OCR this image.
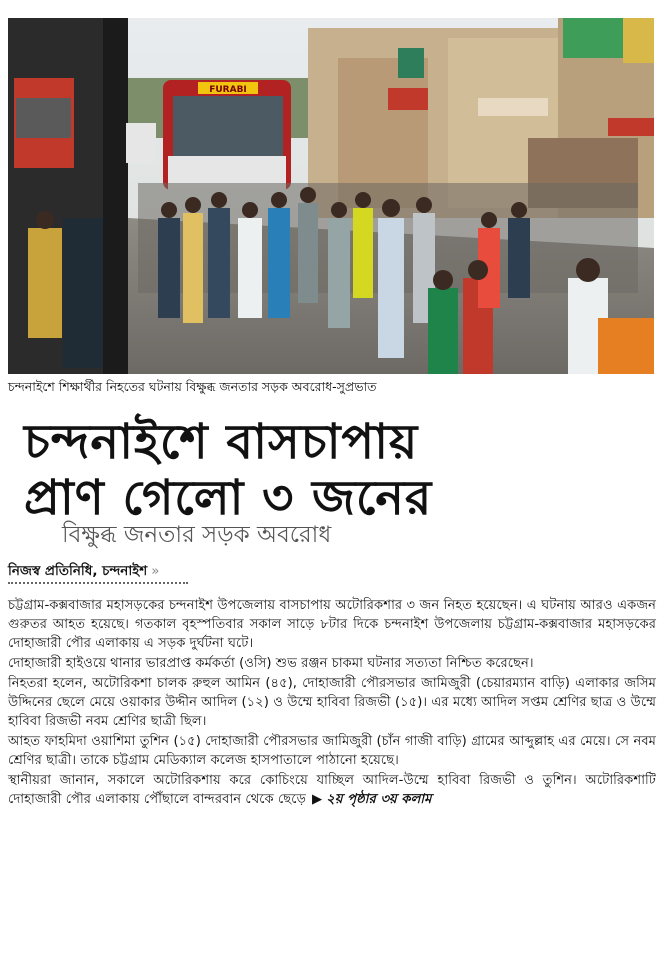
FURABI
চন্দনাইশে শিক্ষার্থীর নিহতের ঘটনায় বিক্ষুব্ধ জনতার সড়ক অবরোধ-সুপ্রভাত
চন্দনাইশে বাসচাপায়
প্রাণ গেলো ৩ জনের
বিক্ষুব্ধ জনতার সড়ক অবরোধ
নিজস্ব প্রতিনিধি, চন্দনাইশ »

চট্টগ্রাম-কক্সবাজার মহাসড়কের চন্দনাইশ উপজেলায় বাসচাপায় অটোরিকশার ৩ জন নিহত হয়েছেন। এ ঘটনায় আরও একজন গুরুতর আহত হয়েছে। গতকাল বৃহস্পতিবার সকাল সাড়ে ৮টার দিকে চন্দনাইশ উপজেলায় চট্টগ্রাম-কক্সবাজার মহাসড়কের দোহাজারী পৌর এলাকায় এ সড়ক দুর্ঘটনা ঘটে।

দোহাজারী হাইওয়ে থানার ভারপ্রাপ্ত কর্মকর্তা (ওসি) শুভ রঞ্জন চাকমা ঘটনার সত্যতা নিশ্চিত করেছেন।

নিহতরা হলেন, অটোরিকশা চালক রুহুল আমিন (৪৫), দোহাজারী পৌরসভার জামিজুরী (চেয়ারম্যান বাড়ি) এলাকার জসিম উদ্দিনের ছেলে মেয়ে ওয়াকার উদ্দীন আদিল (১২) ও উম্মে হাবিবা রিজভী (১৫)। এর মধ্যে আদিল সপ্তম শ্রেণির ছাত্র ও উম্মে হাবিবা রিজভী নবম শ্রেণির ছাত্রী ছিল।

আহত ফাহমিদা ওয়াশিমা তুশিন (১৫) দোহাজারী পৌরসভার জামিজুরী (চাঁন গাজী বাড়ি) গ্রামের আব্দুল্লাহ এর মেয়ে। সে নবম শ্রেণির ছাত্রী। তাকে চট্টগ্রাম মেডিক্যাল কলেজ হাসপাতালে পাঠানো হয়েছে।

স্থানীয়রা জানান, সকালে অটোরিকশায় করে কোচিংয়ে যাচ্ছিল আদিল-উম্মে হাবিবা রিজভী ও তুশিন। অটোরিকশাটি দোহাজারী পৌর এলাকায় পৌঁছালে বান্দরবান থেকে ছেড়ে ▶ ২য় পৃষ্ঠার ৩য় কলাম
